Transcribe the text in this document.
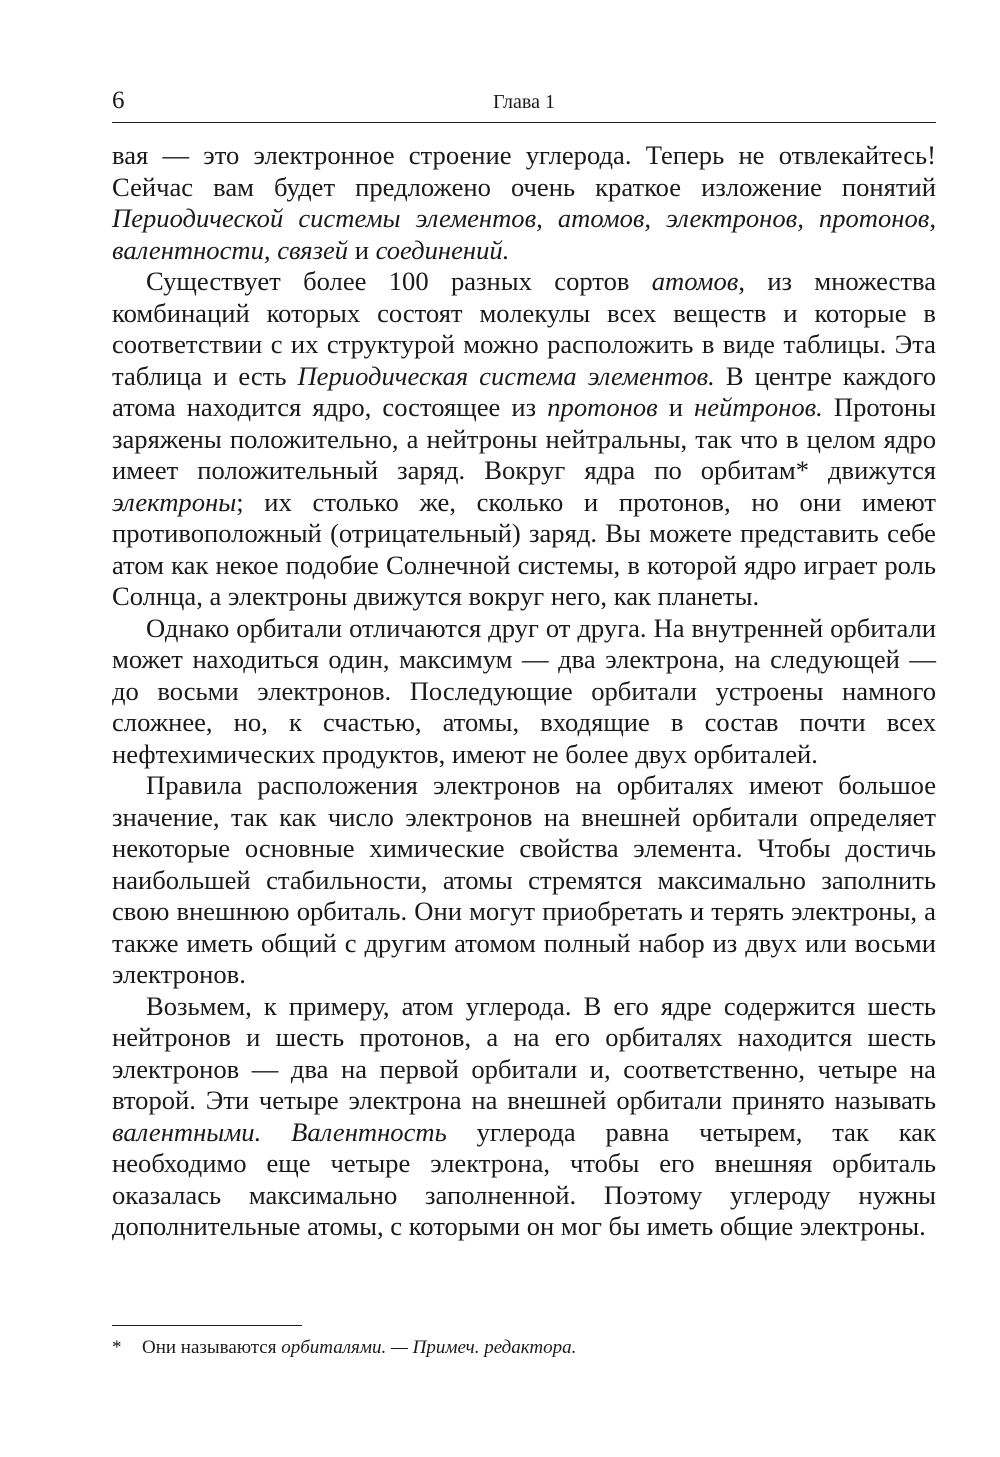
6	Глава 1

вая — это электронное строение углерода. Теперь не отвлекайтесь! Сейчас вам будет предложено очень краткое изложение понятий Периодической системы элементов, атомов, электронов, протонов, валентности, связей и соединений.

Существует более 100 разных сортов атомов, из множества комбинаций которых состоят молекулы всех веществ и которые в соответствии с их структурой можно расположить в виде таблицы. Эта таблица и есть Периодическая система элементов. В центре каждого атома находится ядро, состоящее из протонов и нейтронов. Протоны заряжены положительно, а нейтроны нейтральны, так что в целом ядро имеет положительный заряд. Вокруг ядра по орбитам* движутся электроны; их столько же, сколько и протонов, но они имеют противоположный (отрицательный) заряд. Вы можете представить себе атом как некое подобие Солнечной системы, в которой ядро играет роль Солнца, а электроны движутся вокруг него, как планеты.

Однако орбитали отличаются друг от друга. На внутренней орбитали может находиться один, максимум — два электрона, на следующей — до восьми электронов. Последующие орбитали устроены намного сложнее, но, к счастью, атомы, входящие в состав почти всех нефтехимических продуктов, имеют не более двух орбиталей.

Правила расположения электронов на орбиталях имеют большое значение, так как число электронов на внешней орбитали определяет некоторые основные химические свойства элемента. Чтобы достичь наибольшей стабильности, атомы стремятся максимально заполнить свою внешнюю орбиталь. Они могут приобретать и терять электроны, а также иметь общий с другим атомом полный набор из двух или восьми электронов.

Возьмем, к примеру, атом углерода. В его ядре содержится шесть нейтронов и шесть протонов, а на его орбиталях находится шесть электронов — два на первой орбитали и, соответственно, четыре на второй. Эти четыре электрона на внешней орбитали принято называть валентными. Валентность углерода равна четырем, так как необходимо еще четыре электрона, чтобы его внешняя орбиталь оказалась максимально заполненной. Поэтому углероду нужны дополнительные атомы, с которыми он мог бы иметь общие электроны.

* Они называются орбиталями. — Примеч. редактора.
